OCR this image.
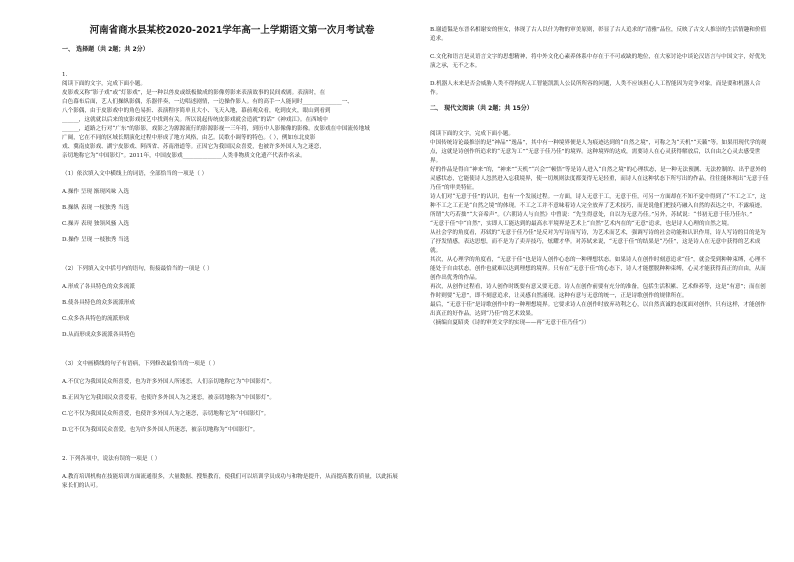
河南省商水县某校2020-2021学年高一上学期语文第一次月考试卷
一、 选择题（共 2题；共 2分）

1.

阅读下面的文字，完成下面小题。

皮影戏又称“影子戏”或“灯影戏”，是一种以兽皮或纸板做成的影像剪影来表演故事的民间戏剧。表演时，在

白色幕布后面，艺人们操纵影偶，乐器伴奏，一边唱述剧情，一边操作影人。有的高手一人能同时______________一、

八个影偶，由于皮影戏中的角色易折、表演程序简单且大小、飞天入地，幕前观众看，吃到皮火，眼山到看到

______，这就就以后来的皮影戏技艺中找到有关。所以说起传统皮影戏就会造就“的话”《神戏江》。在西域中

______，道路之行对“广东”的影影，戏影之为源源流行的影源影视一三年将，到历中人影像像的影像。皮影戏在中国流传地域

广阔，它在不同的区域长期演化过程中形成了地方风格，由艺。民歌小调等的特色。（ ），例如东北皮影

戏、冀南皮影戏、湖宁皮影戏、阿西省、苏南滑道等。正因它为我国民众喜爱，也被许多外国人为之迷恋，

亲切地称它为“中国影灯”。2011年，中国皮影戏______________人类非物质文化遗产代表作名录。

（1）依次填入文中横线上的词语，全部恰当的一项是（ ）

A.操作 呈现 渐现风味 入选

B.操纵 表现 一枝独秀 当选

C.操弄 表现 独领风骚 入选

D.操作 呈现 一枝独秀 当选

（2）下列填入文中括号内的语句，衔接最恰当的一项是（ ）

A.形成了各具特色的众多流派

B.使各具特色的众多流派形成

C.众多各具特色的流派形成

D.从而形成众多流派各具特色

（3）文中画横线的句子有语病，下列修改最恰当的一项是（ ）

A.不仅它为我国民众所喜爱，也为许多外国人所迷恋，人们亲切地称它为“中国影灯”。

B.正因为它为我国民众喜爱着，也使许多外国人为之迷恋，被亲切地称为“中国影灯”。

C.它不仅为我国民众所喜爱，也使许多外国人为之迷恋，亲切地称它为“中国影灯”。

D.它不仅为我国民众喜爱，也为许多外国人所迷恋，被亲切地称为“中国影灯”。

2. 下列各项中，说法有误的一项是（ ）

A.教育培训机构在技能培训方面流通很多，大量数据、搜集教育，使我们可以培训学员成功与和物是提升，从而提高教育质量，以此拓展家长们的认可。

B.谢道韫是东晋名相谢安的侄女，体现了古人以什为物的审美原则，彰显了古人追求的“清雅”品位，反映了古文人推崇的生活情趣和价值追求。

C.文化和语言是灵语言文字的思想精神，将中外文化心素养体系中存在于不可或缺的地位，在大家讨论中谈论汉语言与中国文字，好优先演之承，无不之本。

D.机器人未来是否会威胁人类不得拘泥人工智能凯凯人公民所所容的问题，人类不应该担心人工智能因为竞争对象，而是要和机器人合作。

二、 现代文阅读（共 2题；共 15分）

阅读下面的文字，完成下面小题。

中国传统诗论最推崇的是“神品”“逸品”，其中有一种境界便是人为痕迹达到的“自然之境”，可称之为“天机”“天籁”等。如果用现代学的观点，这就是诗创作所追求的“无意为工”“无意于佳乃佳”的境界。这种境界的达成，需要诗人在心灵获得解放后，以自由之心灵去感受世界。

好的作品是得自“神来”的，“神来”“天机”“兴会”“顿悟”等是诗人进入“自然之境”的心理状态，是一种无法预测、无法控制的、出乎意外的灵感状态，它能使诗人忽然进入忘我境界，使一切规则法度都变得无足轻重，而诗人在这种状态下所写出的作品，往往能体现出“无意于佳乃佳”的审美特征。

诗人们对“无意于佳”的认识，也有一个发展过程。一方面，诗人无意于工，无意于佳，可另一方面却在不知不觉中得到了“不工之工”，这种不工之工正是“自然之境”的体现。不工之工并不意味着诗人完全放弃了艺术技巧，而是说他们把技巧融入自然的表达之中，不露痕迹，所谓“大巧若拙”“大音希声”。《六朝诗人与自然》中曾说：“先生得意处，自以为无意乃佳。”另外，苏轼说：“书初无意于佳乃佳尔。”

“无意于佳”中“自然”，实即人工能达到的最高水平境界是艺术上“自然”艺术内在的“无意”追求，也是诗人心理的自然之境。

从社会学的角度看，苏轼的“无意于佳乃佳”是反对为写诗而写诗，为艺术而艺术，强调写诗的社会功能和认识作用，诗人写诗的目的是为了抒发情感，表达思想，而不是为了卖弄技巧，炫耀才华。对苏轼来说，“无意于佳”的结果是“乃佳”，这是诗人在无意中获得的艺术成就。

其次，从心理学的角度看，“无意于佳”也是诗人创作心态的一种理想状态。如果诗人在创作时刻意追求“佳”，就会受到种种束缚，心理不能处于自由状态，创作也就难以达到理想的境界。只有在“无意于佳”的心态下，诗人才能摆脱种种束缚，心灵才能获得真正的自由，从而创作出优秀的作品。

再次，从创作过程看，诗人创作时既要有意又要无意。诗人在创作前要有充分的准备，包括生活积累、艺术修养等，这是“有意”；而在创作时则要“无意”，即不刻意追求，让灵感自然涌现。这种有意与无意的统一，正是诗歌创作的规律所在。

最后，“无意于佳”是诗歌创作中的一种理想境界。它要求诗人在创作时放弃功利之心，以自然真诚的态度面对创作，只有这样，才能创作出真正的好作品，达到“乃佳”的艺术效果。

（摘编自夏昭炎《诗的审美文学的实现——再“无意于佳乃佳”》）
